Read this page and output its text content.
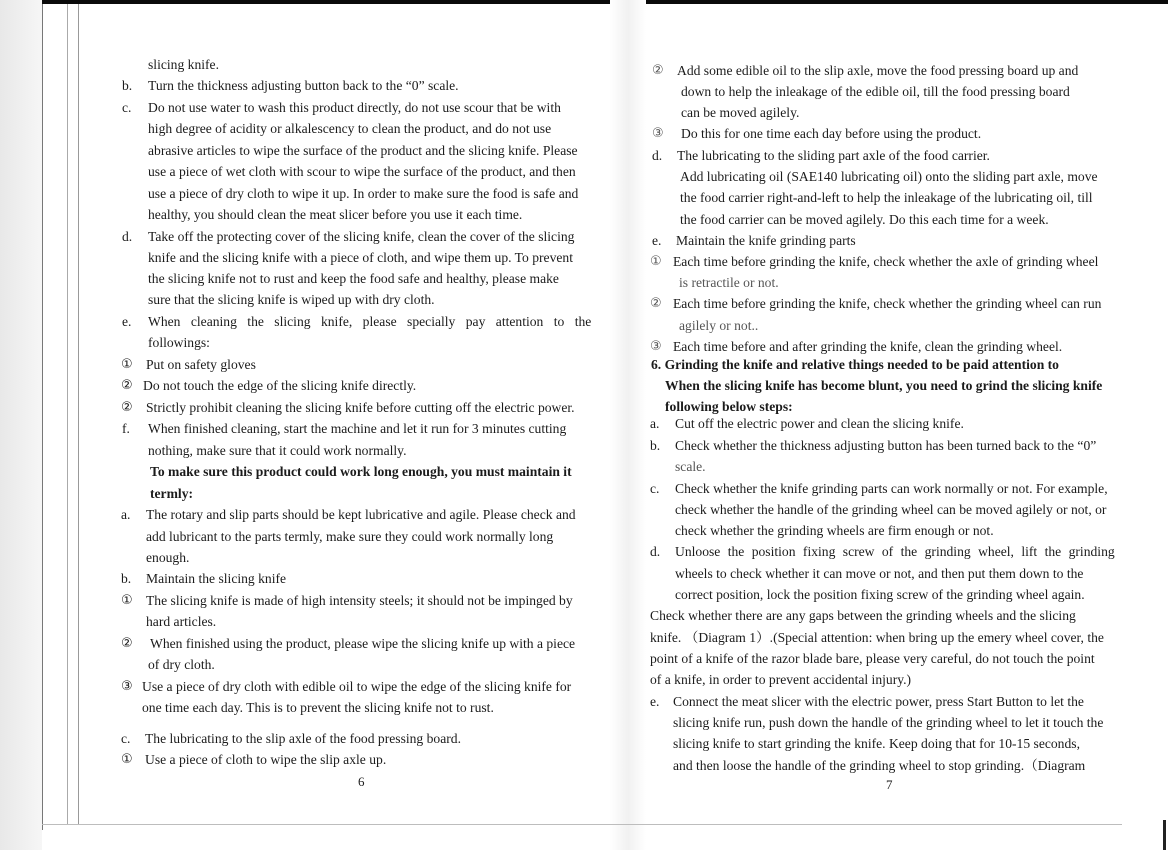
slicing knife.
b. Turn the thickness adjusting button back to the “0” scale.
c. Do not use water to wash this product directly, do not use scour that be with
high degree of acidity or alkalescency to clean the product, and do not use
abrasive articles to wipe the surface of the product and the slicing knife. Please
use a piece of wet cloth with scour to wipe the surface of the product, and then
use a piece of dry cloth to wipe it up. In order to make sure the food is safe and
healthy, you should clean the meat slicer before you use it each time.
d. Take off the protecting cover of the slicing knife, clean the cover of the slicing
knife and the slicing knife with a piece of cloth, and wipe them up. To prevent
the slicing knife not to rust and keep the food safe and healthy, please make
sure that the slicing knife is wiped up with dry cloth.
e. When cleaning the slicing knife, please specially pay attention to the
followings:
① Put on safety gloves
② Do not touch the edge of the slicing knife directly.
② Strictly prohibit cleaning the slicing knife before cutting off the electric power.
f. When finished cleaning, start the machine and let it run for 3 minutes cutting
nothing, make sure that it could work normally.
To make sure this product could work long enough, you must maintain it
termly:
a. The rotary and slip parts should be kept lubricative and agile. Please check and
add lubricant to the parts termly, make sure they could work normally long
enough.
b. Maintain the slicing knife
① The slicing knife is made of high intensity steels; it should not be impinged by
hard articles.
② When finished using the product, please wipe the slicing knife up with a piece
of dry cloth.
③ Use a piece of dry cloth with edible oil to wipe the edge of the slicing knife for
one time each day. This is to prevent the slicing knife not to rust.
c. The lubricating to the slip axle of the food pressing board.
① Use a piece of cloth to wipe the slip axle up.
6
② Add some edible oil to the slip axle, move the food pressing board up and
down to help the inleakage of the edible oil, till the food pressing board
can be moved agilely.
③ Do this for one time each day before using the product.
d. The lubricating to the sliding part axle of the food carrier.
Add lubricating oil (SAE140 lubricating oil) onto the sliding part axle, move
the food carrier right-and-left to help the inleakage of the lubricating oil, till
the food carrier can be moved agilely. Do this each time for a week.
e. Maintain the knife grinding parts
① Each time before grinding the knife, check whether the axle of grinding wheel
is retractile or not.
② Each time before grinding the knife, check whether the grinding wheel can run
agilely or not..
③ Each time before and after grinding the knife, clean the grinding wheel.
6. Grinding the knife and relative things needed to be paid attention to
When the slicing knife has become blunt, you need to grind the slicing knife
following below steps:
a. Cut off the electric power and clean the slicing knife.
b. Check whether the thickness adjusting button has been turned back to the “0”
scale.
c. Check whether the knife grinding parts can work normally or not. For example,
check whether the handle of the grinding wheel can be moved agilely or not, or
check whether the grinding wheels are firm enough or not.
d. Unloose the position fixing screw of the grinding wheel, lift the grinding
wheels to check whether it can move or not, and then put them down to the
correct position, lock the position fixing screw of the grinding wheel again.
Check whether there are any gaps between the grinding wheels and the slicing
knife. （Diagram 1）.(Special attention: when bring up the emery wheel cover, the
point of a knife of the razor blade bare, please very careful, do not touch the point
of a knife, in order to prevent accidental injury.)
e. Connect the meat slicer with the electric power, press Start Button to let the
slicing knife run, push down the handle of the grinding wheel to let it touch the
slicing knife to start grinding the knife. Keep doing that for 10-15 seconds,
and then loose the handle of the grinding wheel to stop grinding.（Diagram
7
